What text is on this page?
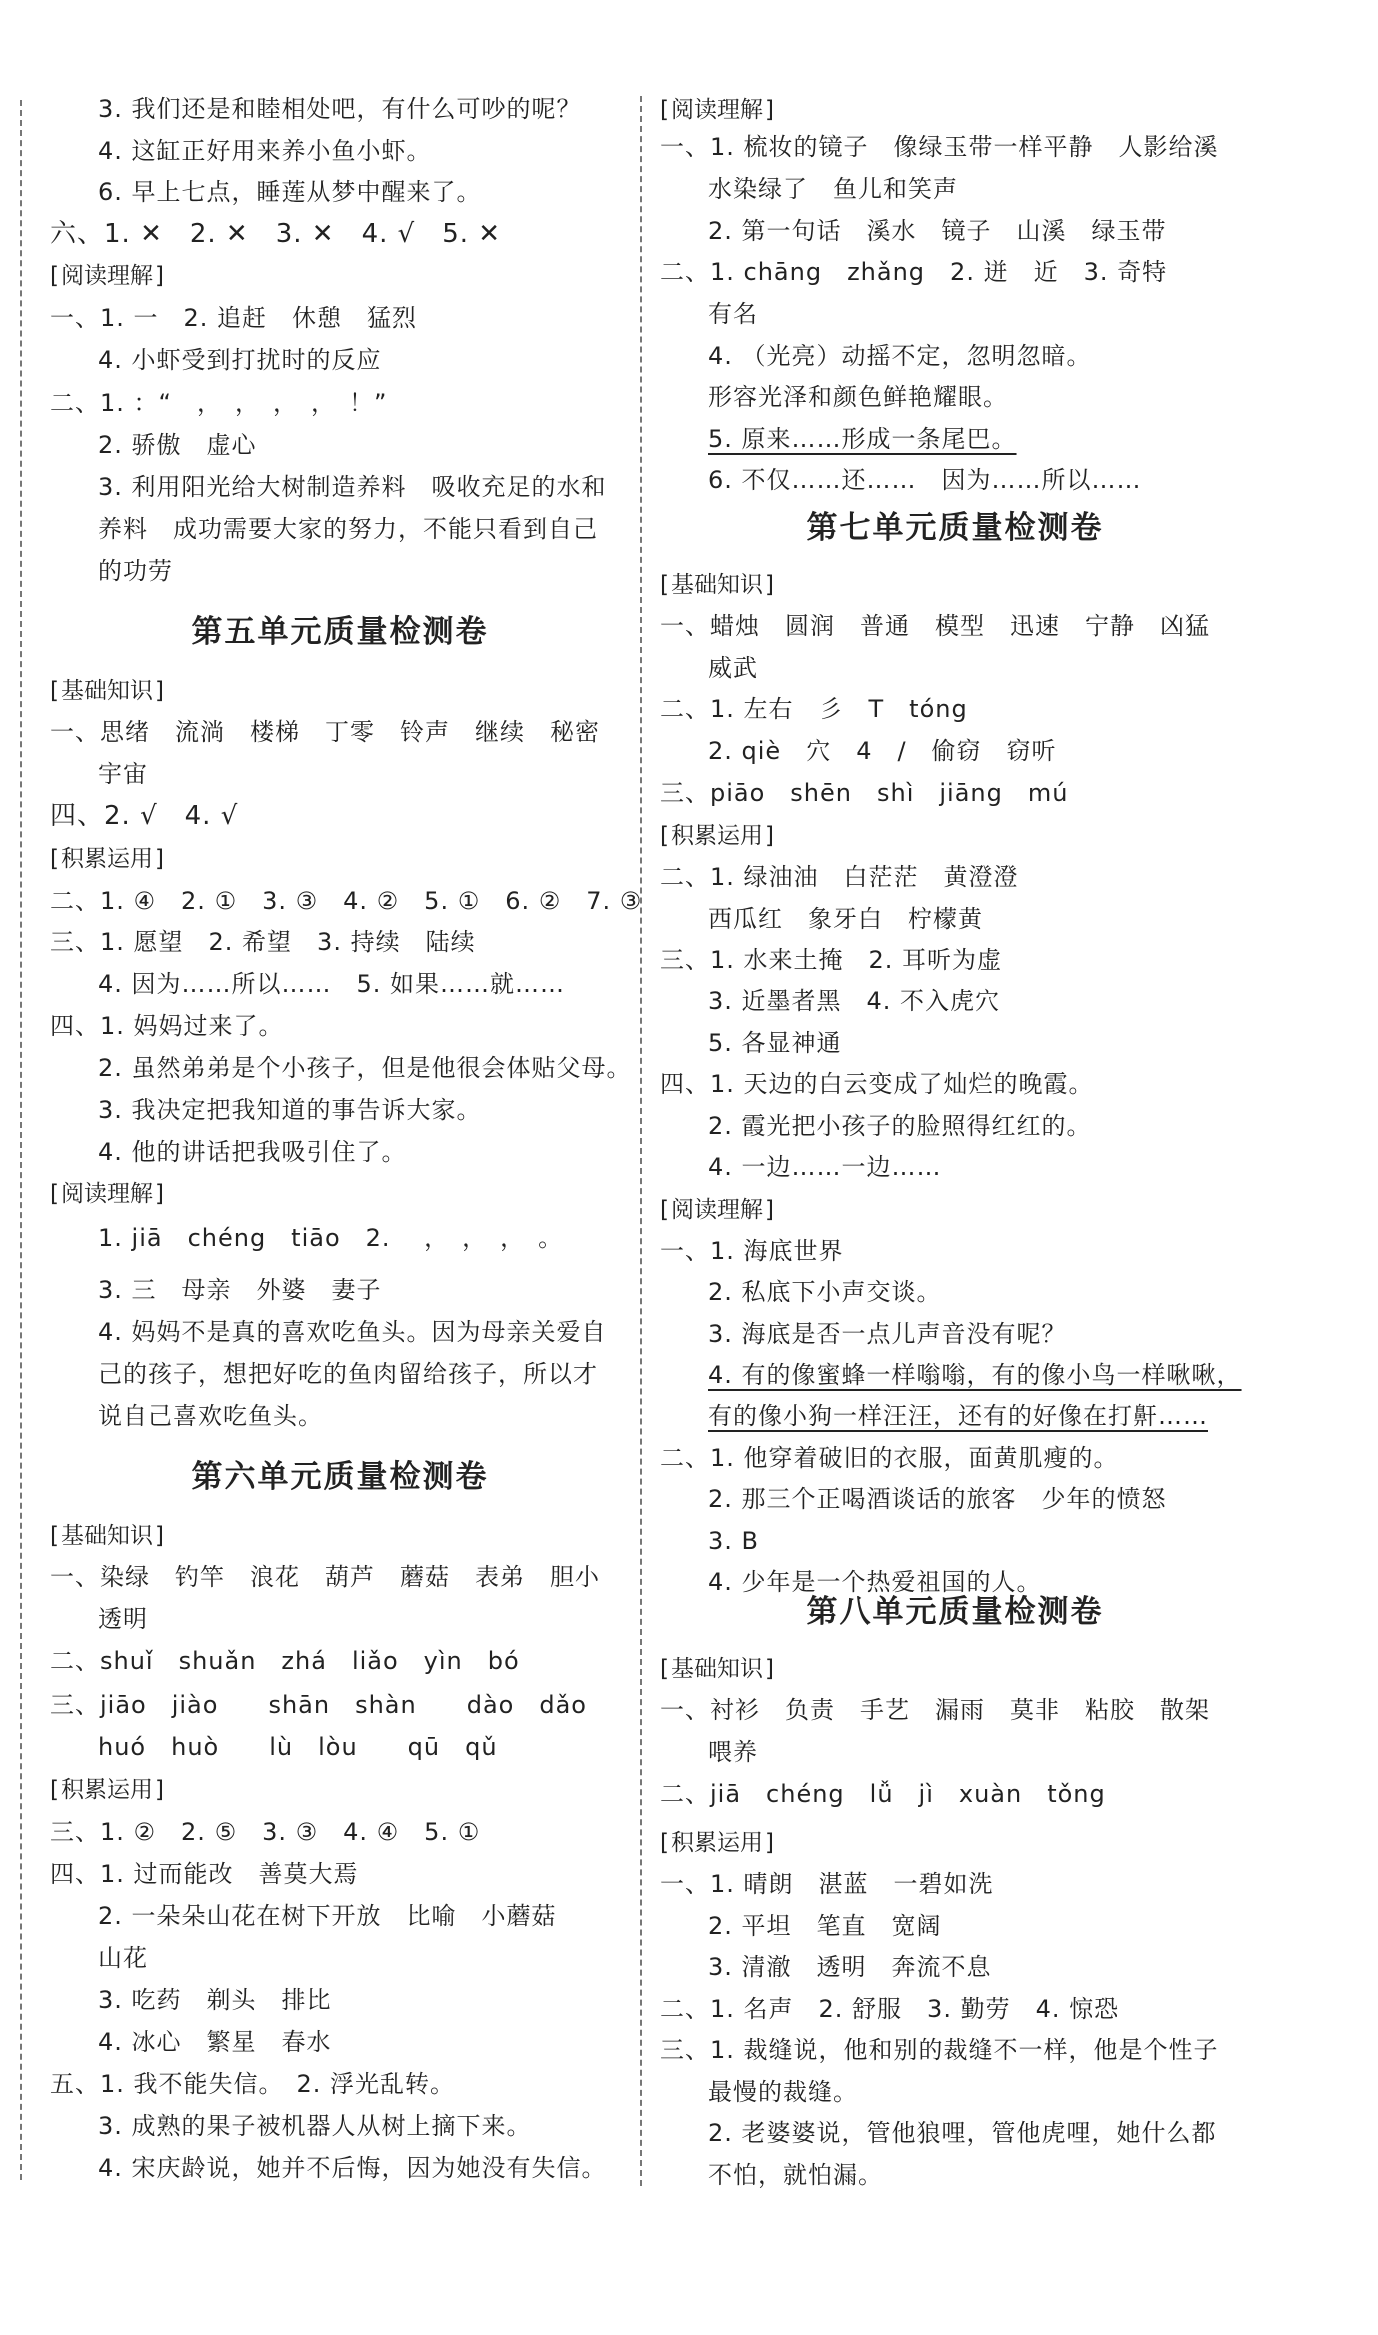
3. 我们还是和睦相处吧，有什么可吵的呢？
4. 这缸正好用来养小鱼小虾。
6. 早上七点，睡莲从梦中醒来了。
六、1. ✕　2. ✕　3. ✕　4. √　5. ✕
[ 阅读理解 ]
一、1. 一　2. 追赶　休憩　猛烈
4. 小虾受到打扰时的反应
二、1. ：“　，　，　，　，　！”
2. 骄傲　虚心
3. 利用阳光给大树制造养料　吸收充足的水和
养料　成功需要大家的努力，不能只看到自己
的功劳
第五单元质量检测卷
[ 基础知识 ]
一、思绪　流淌　楼梯　丁零　铃声　继续　秘密
宇宙
四、2. √　4. √
[ 积累运用 ]
二、1. ④　2. ①　3. ③　4. ②　5. ①　6. ②　7. ③
三、1. 愿望　2. 希望　3. 持续　陆续
4. 因为……所以……　5. 如果……就……
四、1. 妈妈过来了。
2. 虽然弟弟是个小孩子，但是他很会体贴父母。
3. 我决定把我知道的事告诉大家。
4. 他的讲话把我吸引住了。
[ 阅读理解 ]
1. jiā　chéng　tiāo　2. 　，　，　，　。
3. 三　母亲　外婆　妻子
4. 妈妈不是真的喜欢吃鱼头。因为母亲关爱自
己的孩子，想把好吃的鱼肉留给孩子，所以才
说自己喜欢吃鱼头。
第六单元质量检测卷
[ 基础知识 ]
一、染绿　钓竿　浪花　葫芦　蘑菇　表弟　胆小
透明
二、shuǐ　shuǎn　zhá　liǎo　yìn　bó
三、jiāo　jiào　　shān　shàn　　dào　dǎo
huó　huò　　lù　lòu　　qū　qǔ
[ 积累运用 ]
三、1. ②　2. ⑤　3. ③　4. ④　5. ①
四、1. 过而能改　善莫大焉
2. 一朵朵山花在树下开放　比喻　小蘑菇
山花
3. 吃药　剃头　排比
4. 冰心　繁星　春水
五、1. 我不能失信。　2. 浮光乱转。
3. 成熟的果子被机器人从树上摘下来。
4. 宋庆龄说，她并不后悔，因为她没有失信。
[ 阅读理解 ]
一、1. 梳妆的镜子　像绿玉带一样平静　人影给溪
水染绿了　鱼儿和笑声
2. 第一句话　溪水　镜子　山溪　绿玉带
二、1. chāng　zhǎng　2. 迸　近　3. 奇特
有名
4. （光亮）动摇不定，忽明忽暗。
形容光泽和颜色鲜艳耀眼。
5. 原来……形成一条尾巴。
6. 不仅……还……　因为……所以……
第七单元质量检测卷
[ 基础知识 ]
一、蜡烛　圆润　普通　模型　迅速　宁静　凶猛
威武
二、1. 左右　彡　T　tóng
2. qiè　穴　4　/　偷窃　窃听
三、piāo　shēn　shì　jiāng　mú
[ 积累运用 ]
二、1. 绿油油　白茫茫　黄澄澄
西瓜红　象牙白　柠檬黄
三、1. 水来土掩　2. 耳听为虚
3. 近墨者黑　4. 不入虎穴
5. 各显神通
四、1. 天边的白云变成了灿烂的晚霞。
2. 霞光把小孩子的脸照得红红的。
4. 一边……一边……
[ 阅读理解 ]
一、1. 海底世界
2. 私底下小声交谈。
3. 海底是否一点儿声音没有呢？
4. 有的像蜜蜂一样嗡嗡，有的像小鸟一样啾啾，
有的像小狗一样汪汪，还有的好像在打鼾……
二、1. 他穿着破旧的衣服，面黄肌瘦的。
2. 那三个正喝酒谈话的旅客　少年的愤怒
3. B
4. 少年是一个热爱祖国的人。
第八单元质量检测卷
[ 基础知识 ]
一、衬衫　负责　手艺　漏雨　莫非　粘胶　散架
喂养
二、jiā　chéng　lǚ　jì　xuàn　tǒng
[ 积累运用 ]
一、1. 晴朗　湛蓝　一碧如洗
2. 平坦　笔直　宽阔
3. 清澈　透明　奔流不息
二、1. 名声　2. 舒服　3. 勤劳　4. 惊恐
三、1. 裁缝说，他和别的裁缝不一样，他是个性子
最慢的裁缝。
2. 老婆婆说，管他狼哩，管他虎哩，她什么都
不怕，就怕漏。
